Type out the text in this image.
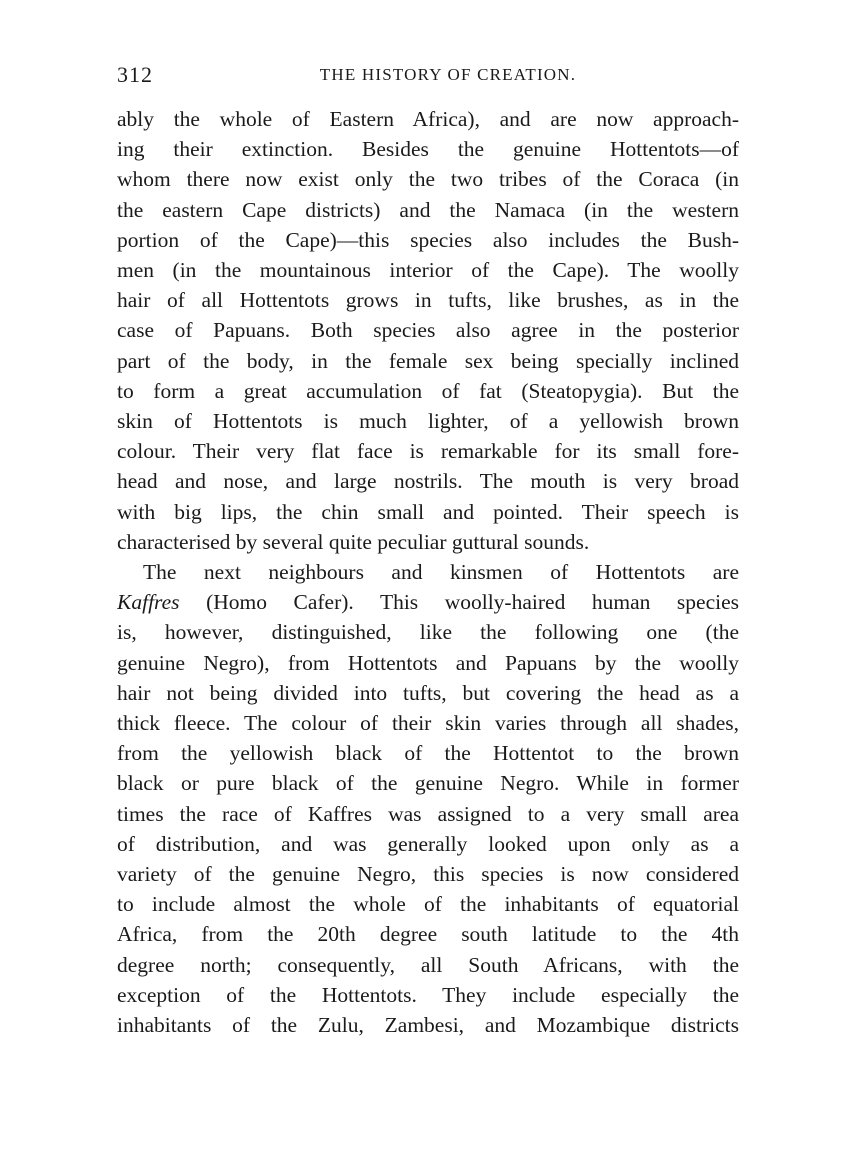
312	THE HISTORY OF CREATION.

ably the whole of Eastern Africa), and are now approach-
ing their extinction. Besides the genuine Hottentots—of
whom there now exist only the two tribes of the Coraca (in
the eastern Cape districts) and the Namaca (in the western
portion of the Cape)—this species also includes the Bush-
men (in the mountainous interior of the Cape). The woolly
hair of all Hottentots grows in tufts, like brushes, as in the
case of Papuans. Both species also agree in the posterior
part of the body, in the female sex being specially inclined
to form a great accumulation of fat (Steatopygia). But the
skin of Hottentots is much lighter, of a yellowish brown
colour. Their very flat face is remarkable for its small fore-
head and nose, and large nostrils. The mouth is very broad
with big lips, the chin small and pointed. Their speech is
characterised by several quite peculiar guttural sounds.

The next neighbours and kinsmen of Hottentots are
Kaffres (Homo Cafer). This woolly-haired human species
is, however, distinguished, like the following one (the
genuine Negro), from Hottentots and Papuans by the woolly
hair not being divided into tufts, but covering the head as a
thick fleece. The colour of their skin varies through all shades,
from the yellowish black of the Hottentot to the brown
black or pure black of the genuine Negro. While in former
times the race of Kaffres was assigned to a very small area
of distribution, and was generally looked upon only as a
variety of the genuine Negro, this species is now considered
to include almost the whole of the inhabitants of equatorial
Africa, from the 20th degree south latitude to the 4th
degree north; consequently, all South Africans, with the
exception of the Hottentots. They include especially the
inhabitants of the Zulu, Zambesi, and Mozambique districts
